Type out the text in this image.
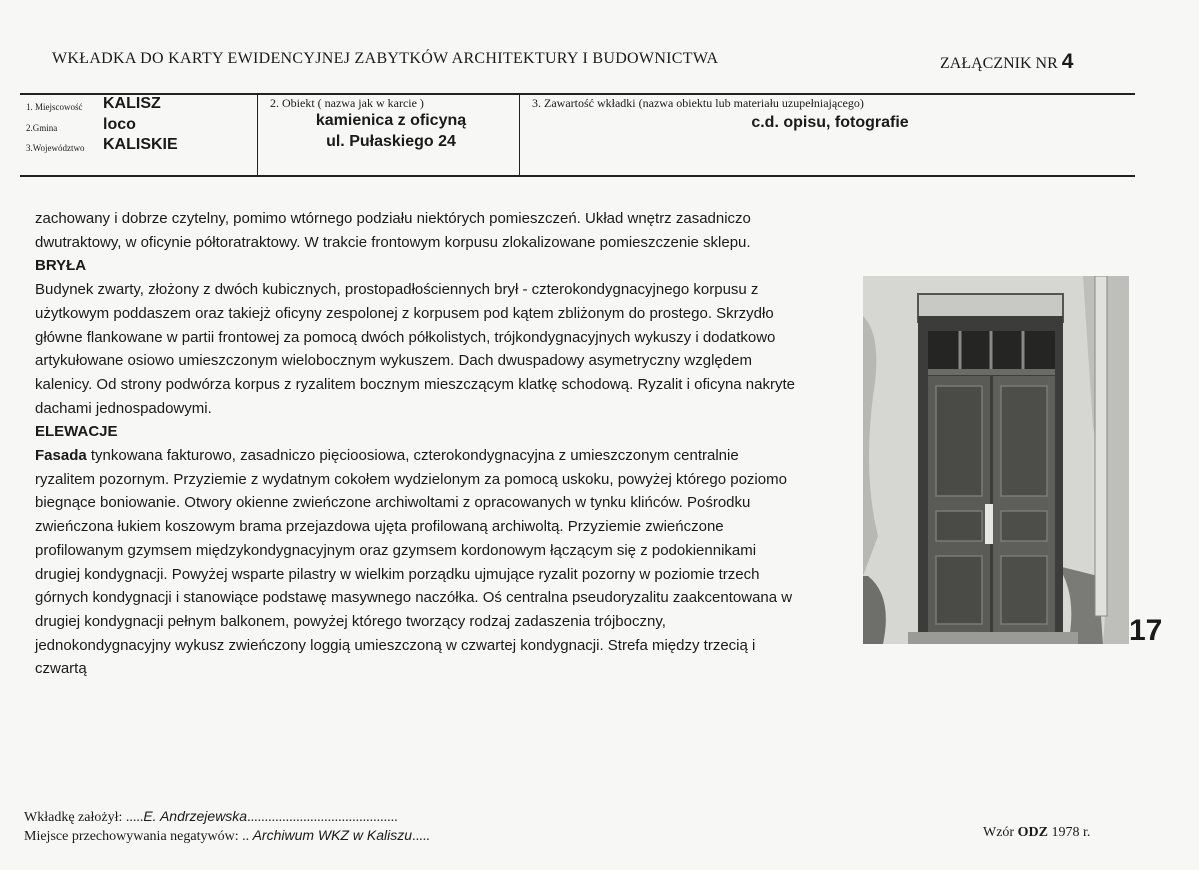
WKŁADKA DO KARTY EWIDENCYJNEJ ZABYTKÓW ARCHITEKTURY I BUDOWNICTWA	ZAŁĄCZNIK NR 4
1. Miejscowość KALISZ
2.Gmina	loco
3.Województwo KALISKIE
2. Obiekt ( nazwa jak w karcie )
kamienica z oficyną
ul. Pułaskiego 24
3. Zawartość wkładki (nazwa obiektu lub materiału uzupełniającego)
c.d. opisu, fotografie

zachowany i dobrze czytelny, pomimo wtórnego podziału niektórych pomieszczeń. Układ wnętrz zasadniczo dwutraktowy, w oficynie półtoratraktowy. W trakcie frontowym korpusu zlokalizowane pomieszczenie sklepu.

BRYŁA

Budynek zwarty, złożony z dwóch kubicznych, prostopadłościennych brył - czterokondygnacyjnego korpusu z użytkowym poddaszem oraz takiejż oficyny zespolonej z korpusem pod kątem zbliżonym do prostego. Skrzydło główne flankowane w partii frontowej za pomocą dwóch półkolistych, trójkondygnacyjnych wykuszy i dodatkowo artykułowane osiowo umieszczonym wielobocznym wykuszem. Dach dwuspadowy asymetryczny względem kalenicy. Od strony podwórza korpus z ryzalitem bocznym mieszczącym klatkę schodową. Ryzalit i oficyna nakryte dachami jednospadowymi.

ELEWACJE

Fasada tynkowana fakturowo, zasadniczo pięcioosiowa, czterokondygnacyjna z umieszczonym centralnie ryzalitem pozornym. Przyziemie z wydatnym cokołem wydzielonym za pomocą uskoku, powyżej którego poziomo biegnące boniowanie. Otwory okienne zwieńczone archiwoltami z opracowanych w tynku klińców. Pośrodku zwieńczona łukiem koszowym brama przejazdowa ujęta profilowaną archiwoltą. Przyziemie zwieńczone profilowanym gzymsem międzykondygnacyjnym oraz gzymsem kordonowym łączącym się z podokiennikami drugiej kondygnacji. Powyżej wsparte pilastry w wielkim porządku ujmujące ryzalit pozorny w poziomie trzech górnych kondygnacji i stanowiące podstawę masywnego naczółka. Oś centralna pseudoryzalitu zaakcentowana w drugiej kondygnacji pełnym balkonem, powyżej którego tworzący rodzaj zadaszenia trójboczny, jednokondygnacyjny wykusz zwieńczony loggią umieszczoną w czwartej kondygnacji. Strefa między trzecią i czwartą

17
Wkładkę założył: .....E. Andrzejewska...........................................
Miejsce przechowywania negatywów: .. Archiwum WKZ w Kaliszu.....	Wzór ODZ 1978 r.
